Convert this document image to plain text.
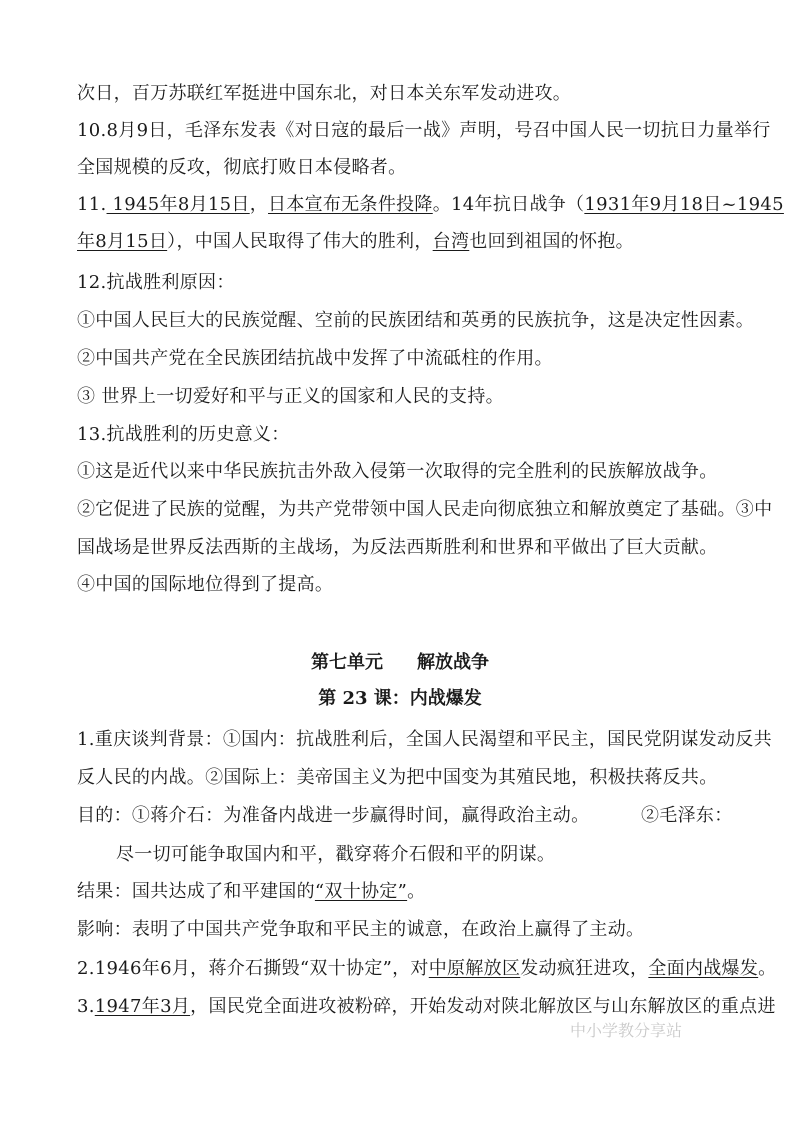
次日，百万苏联红军挺进中国东北，对日本关东军发动进攻。
10.8月9日，毛泽东发表《对日寇的最后一战》声明，号召中国人民一切抗日力量举行
全国规模的反攻，彻底打败日本侵略者。
11. 1945年8月15日，日本宣布无条件投降。14年抗日战争（1931年9月18日~1945
年8月15日），中国人民取得了伟大的胜利，台湾也回到祖国的怀抱。
12.抗战胜利原因：
①中国人民巨大的民族觉醒、空前的民族团结和英勇的民族抗争，这是决定性因素。
②中国共产党在全民族团结抗战中发挥了中流砥柱的作用。
③ 世界上一切爱好和平与正义的国家和人民的支持。
13.抗战胜利的历史意义：
①这是近代以来中华民族抗击外敌入侵第一次取得的完全胜利的民族解放战争。
②它促进了民族的觉醒，为共产党带领中国人民走向彻底独立和解放奠定了基础。③中
国战场是世界反法西斯的主战场，为反法西斯胜利和世界和平做出了巨大贡献。
④中国的国际地位得到了提高。
第七单元 解放战争
第 23 课：内战爆发
1.重庆谈判背景：①国内：抗战胜利后，全国人民渴望和平民主，国民党阴谋发动反共
反人民的内战。②国际上：美帝国主义为把中国变为其殖民地，积极扶蒋反共。
目的：①蒋介石：为准备内战进一步赢得时间，赢得政治主动。	②毛泽东：
尽一切可能争取国内和平，戳穿蒋介石假和平的阴谋。
结果：国共达成了和平建国的“双十协定”。
影响：表明了中国共产党争取和平民主的诚意，在政治上赢得了主动。
2.1946年6月，蒋介石撕毁“双十协定”，对中原解放区发动疯狂进攻，全面内战爆发。
3.1947年3月，国民党全面进攻被粉碎，开始发动对陕北解放区与山东解放区的重点进
中小学教分享站
